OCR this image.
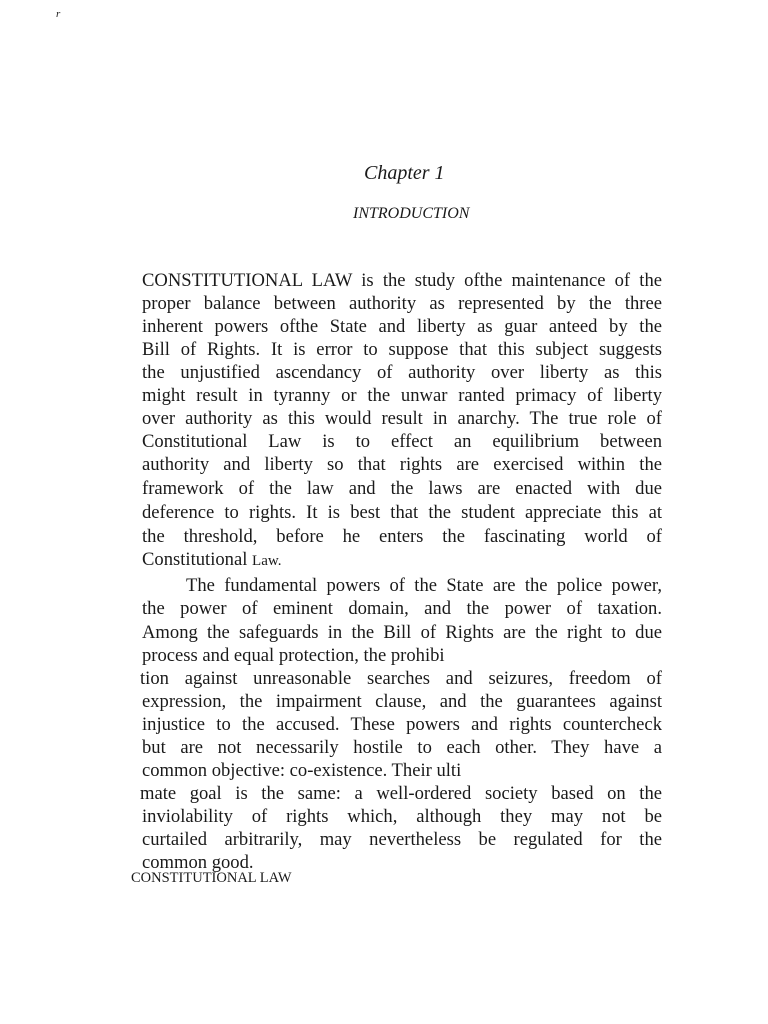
r
Chapter 1
INTRODUCTION
CONSTITUTIONAL LAW is the study ofthe maintenance of the
proper balance between authority as represented by the three
inherent powers ofthe State and liberty as guar anteed by the
Bill of Rights. It is error to suppose that this subject suggests
the unjustified ascendancy of authority over liberty as this
might result in tyranny or the unwar ranted primacy of liberty
over authority as this would result in anarchy. The true role of
Constitutional Law is to effect an equilibrium between
authority and liberty so that rights are exercised within the
framework of the law and the laws are enacted with due
deference to rights. It is best that the student appreciate this at
the threshold, before he enters the fascinating world of
Constitutional Law.
The fundamental powers of the State are the police power,
the power of eminent domain, and the power of taxation.
Among the safeguards in the Bill of Rights are the right to due
process and equal protection, the prohibi
tion against unreasonable searches and seizures, freedom of
expression, the impairment clause, and the guarantees against
injustice to the accused. These powers and rights countercheck
but are not necessarily hostile to each other. They have a
common objective: co-existence. Their ulti
mate goal is the same: a well-ordered society based on the
inviolability of rights which, although they may not be
curtailed arbitrarily, may nevertheless be regulated for the
common good.
CONSTITUTIONAL LAW
